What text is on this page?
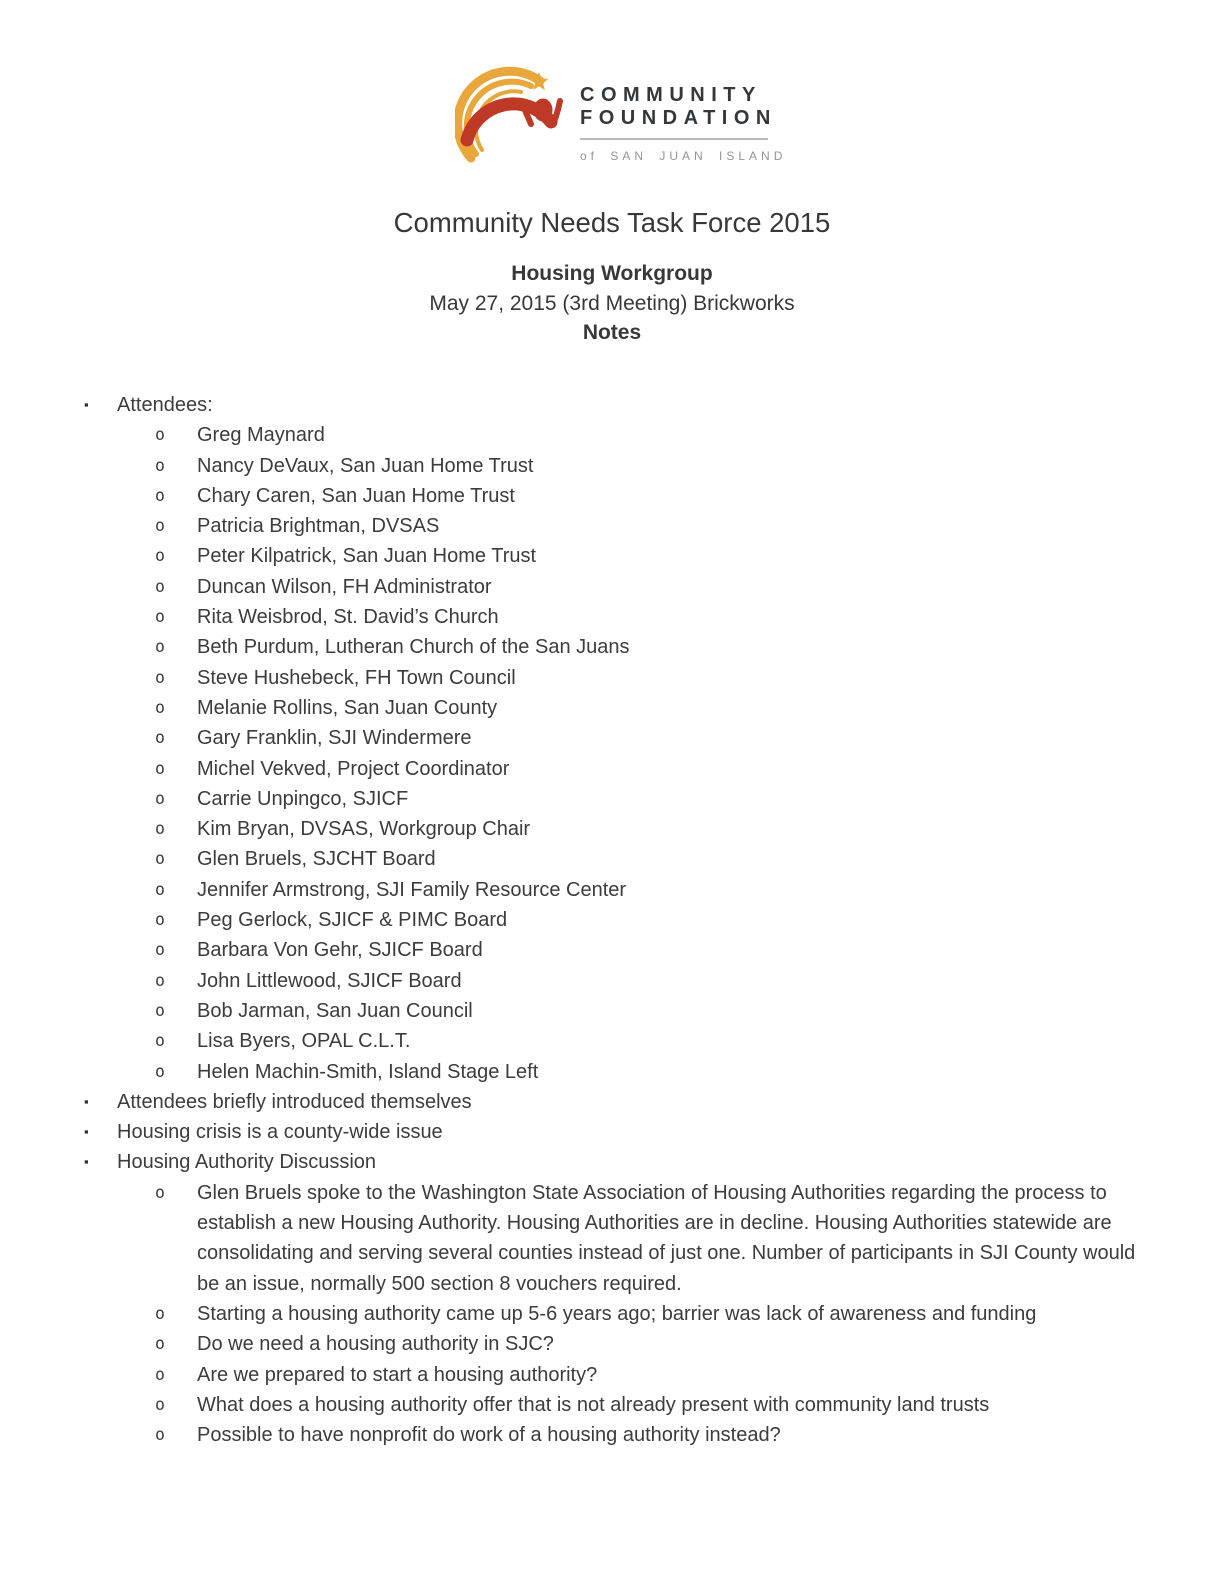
COMMUNITY
FOUNDATION
of SAN JUAN ISLAND
Community Needs Task Force 2015
Housing Workgroup
May 27, 2015 (3rd Meeting) Brickworks
Notes
▪	Attendees:
o	Greg Maynard
o	Nancy DeVaux, San Juan Home Trust
o	Chary Caren, San Juan Home Trust
o	Patricia Brightman, DVSAS
o	Peter Kilpatrick, San Juan Home Trust
o	Duncan Wilson, FH Administrator
o	Rita Weisbrod, St. David’s Church
o	Beth Purdum, Lutheran Church of the San Juans
o	Steve Hushebeck, FH Town Council
o	Melanie Rollins, San Juan County
o	Gary Franklin, SJI Windermere
o	Michel Vekved, Project Coordinator
o	Carrie Unpingco, SJICF
o	Kim Bryan, DVSAS, Workgroup Chair
o	Glen Bruels, SJCHT Board
o	Jennifer Armstrong, SJI Family Resource Center
o	Peg Gerlock, SJICF & PIMC Board
o	Barbara Von Gehr, SJICF Board
o	John Littlewood, SJICF Board
o	Bob Jarman, San Juan Council
o	Lisa Byers, OPAL C.L.T.
o	Helen Machin-Smith, Island Stage Left
▪	Attendees briefly introduced themselves
▪	Housing crisis is a county-wide issue
▪	Housing Authority Discussion
o	Glen Bruels spoke to the Washington State Association of Housing Authorities regarding the process to establish a new Housing Authority. Housing Authorities are in decline. Housing Authorities statewide are consolidating and serving several counties instead of just one. Number of participants in SJI County would be an issue, normally 500 section 8 vouchers required.
o	Starting a housing authority came up 5-6 years ago; barrier was lack of awareness and funding
o	Do we need a housing authority in SJC?
o	Are we prepared to start a housing authority?
o	What does a housing authority offer that is not already present with community land trusts
o	Possible to have nonprofit do work of a housing authority instead?
